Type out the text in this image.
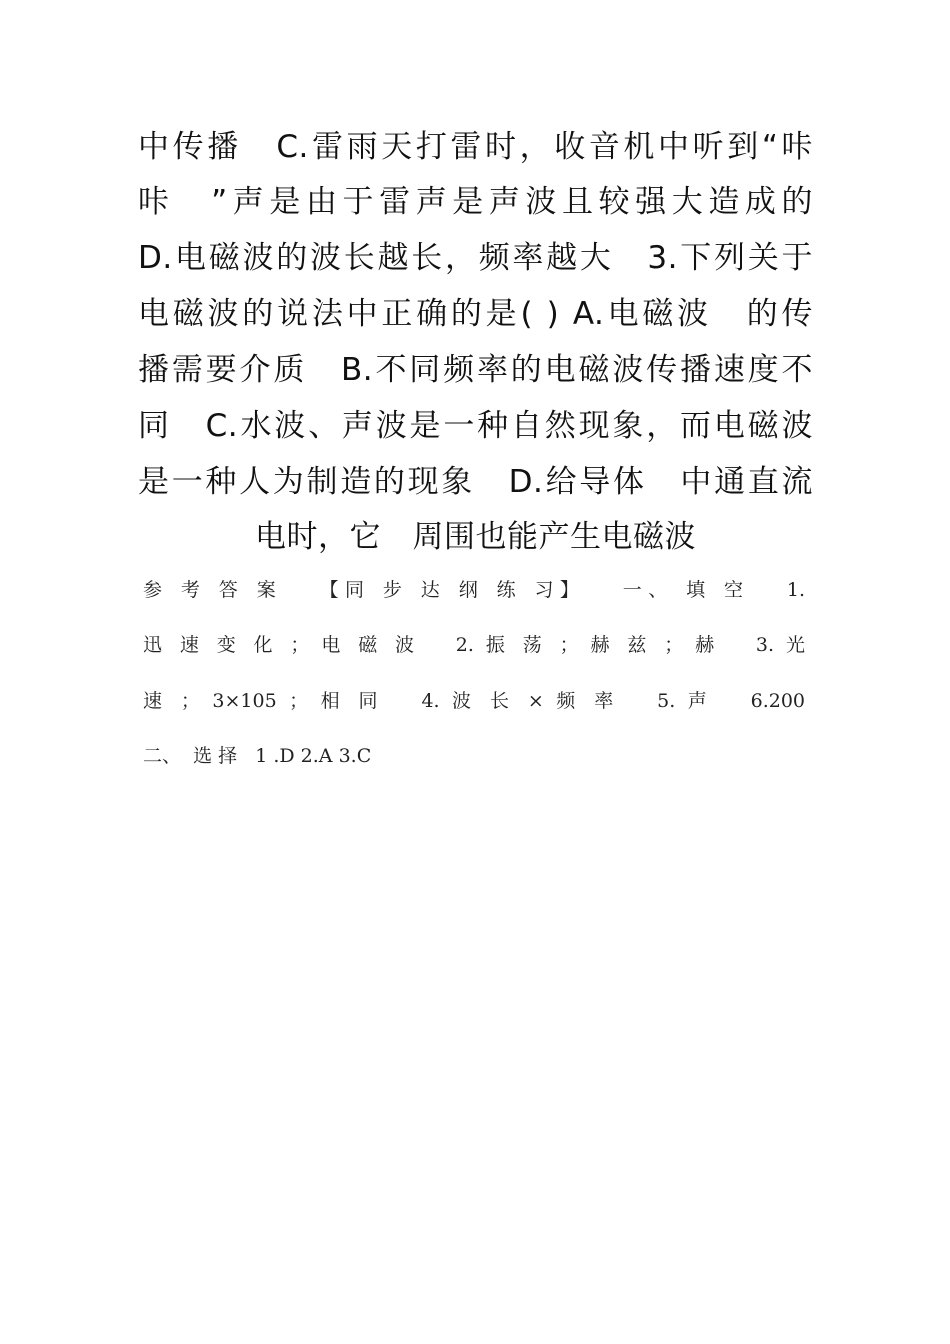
中传播　C.雷雨天打雷时，收音机中听到“咔
咔　”声是由于雷声是声波且较强大造成的
D.电磁波的波长越长，频率越大　3.下列关于
电磁波的说法中正确的是( ) A.电磁波　的传
播需要介质　B.不同频率的电磁波传播速度不
同　C.水波、声波是一种自然现象，而电磁波
是一种人为制造的现象　D.给导体　中通直流
电时，它　周围也能产生电磁波
参 考 答 案   【同 步 达 纲 练 习】   一、 填 空   1.
迅 速 变 化 ； 电 磁 波   2. 振 荡 ； 赫 兹 ； 赫   3. 光
速 ； 3×105 ； 相 同   4. 波 长 × 频 率   5. 声   6.200
二、  选 择   1 .D 2.A 3.C
